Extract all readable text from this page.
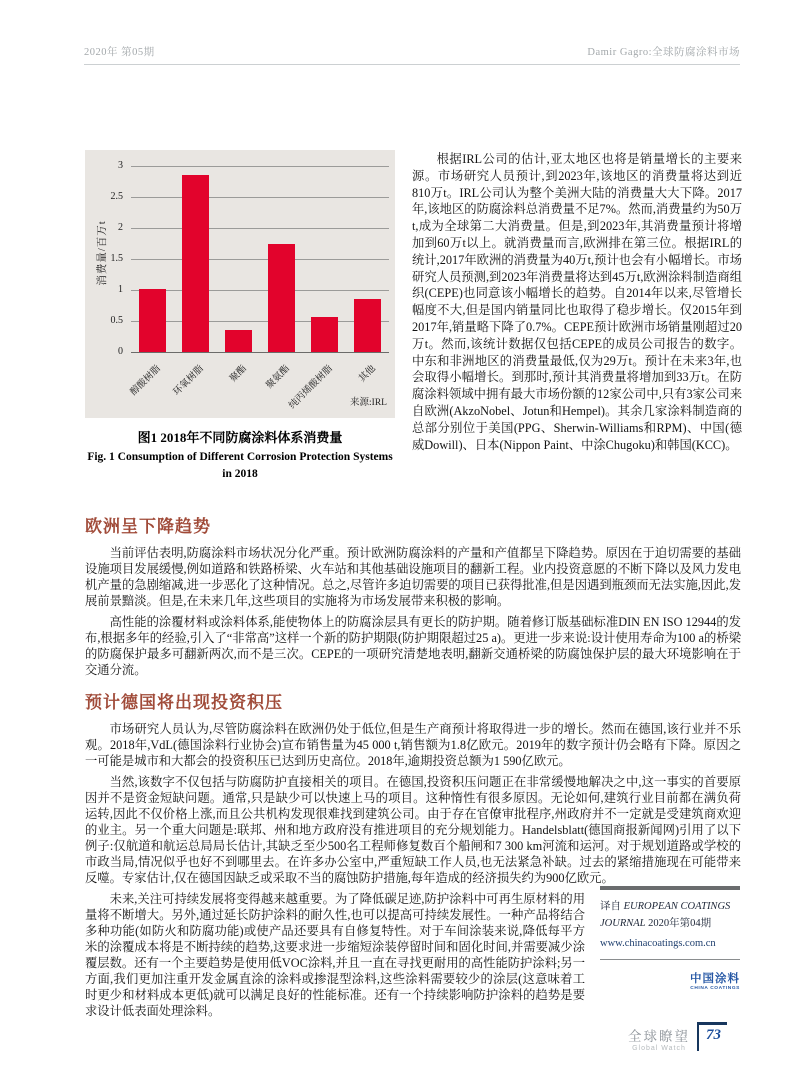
2020年 第05期	Damir Gagro:全球防腐涂料市场
消费量/百万t
来源:IRL
0
0.5
1
1.5
2
2.5
3
醇酸树脂 环氧树脂	聚酯	聚氨酯
纯丙烯酸树脂	其他
图1 2018年不同防腐涂料体系消费量
Fig. 1 Consumption of Different Corrosion Protection Systems in 2018
根据IRL公司的估计,亚太地区也将是销量增长的主要来源。市场研究人员预计,到2023年,该地区的消费量将达到近810万t。IRL公司认为整个美洲大陆的消费量大大下降。2017年,该地区的防腐涂料总消费量不足7%。然而,消费量约为50万t,成为全球第二大消费量。但是,到2023年,其消费量预计将增加到60万t以上。就消费量而言,欧洲排在第三位。根据IRL的统计,2017年欧洲的消费量为40万t,预计也会有小幅增长。市场研究人员预测,到2023年消费量将达到45万t,欧洲涂料制造商组织(CEPE)也同意该小幅增长的趋势。自2014年以来,尽管增长幅度不大,但是国内销量同比也取得了稳步增长。仅2015年到2017年,销量略下降了0.7%。CEPE预计欧洲市场销量刚超过20万t。然而,该统计数据仅包括CEPE的成员公司报告的数字。中东和非洲地区的消费量最低,仅为29万t。预计在未来3年,也会取得小幅增长。到那时,预计其消费量将增加到33万t。在防腐涂料领域中拥有最大市场份额的12家公司中,只有3家公司来自欧洲(AkzoNobel、Jotun和Hempel)。其余几家涂料制造商的总部分别位于美国(PPG、Sherwin-Williams和RPM)、中国(德威Dowill)、日本(Nippon Paint、中涂Chugoku)和韩国(KCC)。
欧洲呈下降趋势

当前评估表明,防腐涂料市场状况分化严重。预计欧洲防腐涂料的产量和产值都呈下降趋势。原因在于迫切需要的基础设施项目发展缓慢,例如道路和铁路桥梁、火车站和其他基础设施项目的翻新工程。业内投资意愿的不断下降以及风力发电机产量的急剧缩减,进一步恶化了这种情况。总之,尽管许多迫切需要的项目已获得批准,但是因遇到瓶颈而无法实施,因此,发展前景黯淡。但是,在未来几年,这些项目的实施将为市场发展带来积极的影响。

高性能的涂覆材料或涂料体系,能使物体上的防腐涂层具有更长的防护期。随着修订版基础标准DIN EN ISO 12944的发布,根据多年的经验,引入了“非常高”这样一个新的防护期限(防护期限超过25 a)。更进一步来说:设计使用寿命为100 a的桥梁的防腐保护最多可翻新两次,而不是三次。CEPE的一项研究清楚地表明,翻新交通桥梁的防腐蚀保护层的最大环境影响在于交通分流。

预计德国将出现投资积压

市场研究人员认为,尽管防腐涂料在欧洲仍处于低位,但是生产商预计将取得进一步的增长。然而在德国,该行业并不乐观。2018年,VdL(德国涂料行业协会)宣布销售量为45 000 t,销售额为1.8亿欧元。2019年的数字预计仍会略有下降。原因之一可能是城市和大都会的投资积压已达到历史高位。2018年,逾期投资总额为1 590亿欧元。

当然,该数字不仅包括与防腐防护直接相关的项目。在德国,投资积压问题正在非常缓慢地解决之中,这一事实的首要原因并不是资金短缺问题。通常,只是缺少可以快速上马的项目。这种惰性有很多原因。无论如何,建筑行业目前都在满负荷运转,因此不仅价格上涨,而且公共机构发现很难找到建筑公司。由于存在官僚审批程序,州政府并不一定就是受建筑商欢迎的业主。另一个重大问题是:联邦、州和地方政府没有推进项目的充分规划能力。Handelsblatt(德国商报新闻网)引用了以下例子:仅航道和航运总局局长估计,其缺乏至少500名工程师修复数百个船闸和7 300 km河流和运河。对于规划道路或学校的市政当局,情况似乎也好不到哪里去。在许多办公室中,严重短缺工作人员,也无法紧急补缺。过去的紧缩措施现在可能带来反噬。专家估计,仅在德国因缺乏或采取不当的腐蚀防护措施,每年造成的经济损失约为900亿欧元。

未来,关注可持续发展将变得越来越重要。为了降低碳足迹,防护涂料中可再生原材料的用量将不断增大。另外,通过延长防护涂料的耐久性,也可以提高可持续发展性。一种产品将结合多种功能(如防火和防腐功能)或使产品还要具有自修复特性。对于车间涂装来说,降低每平方米的涂覆成本将是不断持续的趋势,这要求进一步缩短涂装停留时间和固化时间,并需要减少涂覆层数。还有一个主要趋势是使用低VOC涂料,并且一直在寻找更耐用的高性能防护涂料;另一方面,我们更加注重开发金属直涂的涂料或掺混型涂料,这些涂料需要较少的涂层(这意味着工时更少和材料成本更低)就可以满足良好的性能标准。还有一个持续影响防护涂料的趋势是要求设计低表面处理涂料。

译自 EUROPEAN COATINGS JOURNAL 2020年第04期
www.chinacoatings.com.cn
中国涂料
CHINA COATINGS
全球瞭望
Global Watch
73
